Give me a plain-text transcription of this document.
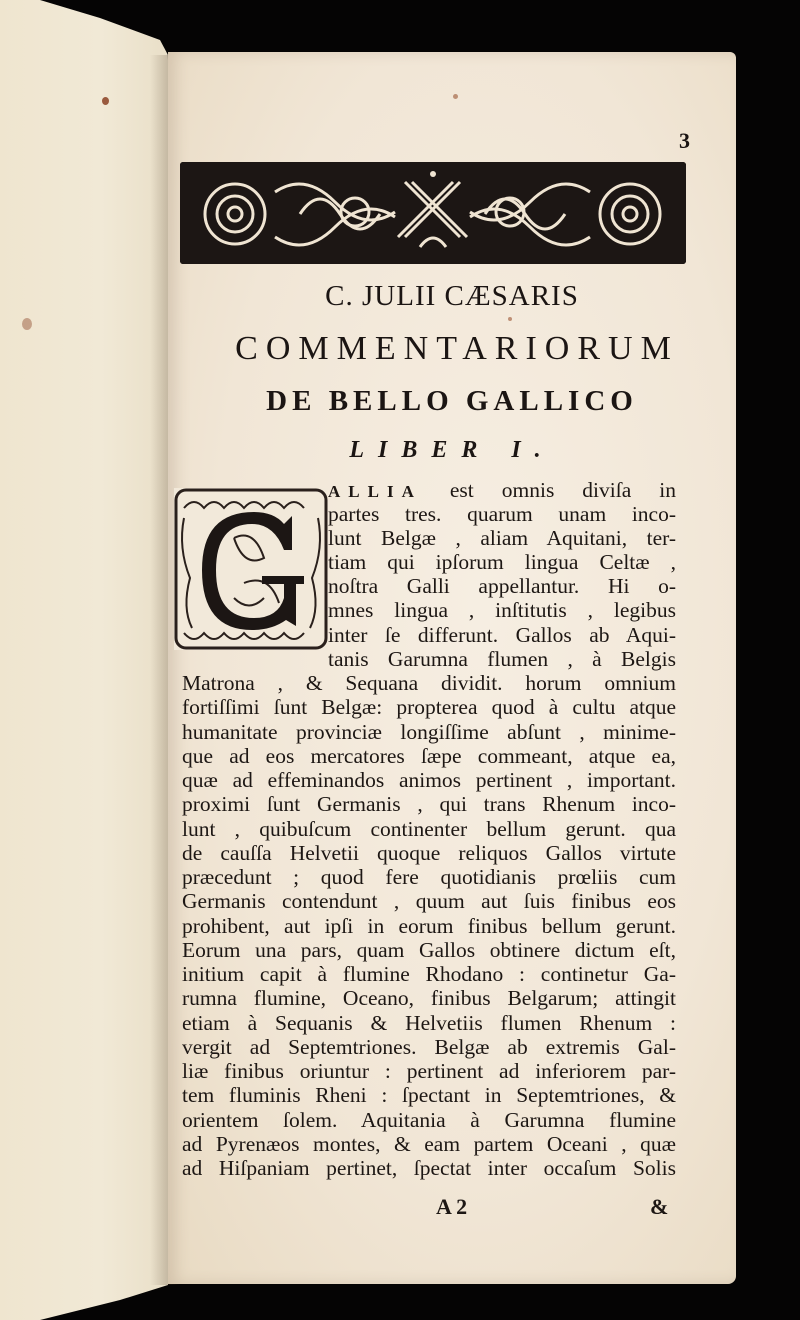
3
C. JULII CÆSARIS
COMMENTARIORUM
DE BELLO GALLICO
LIBER I.
ALLIA est omnis diviſa in
partes tres. quarum unam inco-
lunt Belgæ , aliam Aquitani, ter-
tiam qui ipſorum lingua Celtæ ,
noſtra Galli appellantur. Hi o-
mnes lingua , inſtitutis , legibus
inter ſe differunt. Gallos ab Aqui-
tanis Garumna flumen , à Belgis
Matrona , & Sequana dividit. horum omnium
fortiſſimi ſunt Belgæ: propterea quod à cultu atque
humanitate provinciæ longiſſime abſunt , minime-
que ad eos mercatores ſæpe commeant, atque ea,
quæ ad effeminandos animos pertinent , important.
proximi ſunt Germanis , qui trans Rhenum inco-
lunt , quibuſcum continenter bellum gerunt. qua
de cauſſa Helvetii quoque reliquos Gallos virtute
præcedunt ; quod fere quotidianis prœliis cum
Germanis contendunt , quum aut ſuis finibus eos
prohibent, aut ipſi in eorum finibus bellum gerunt.
Eorum una pars, quam Gallos obtinere dictum eſt,
initium capit à flumine Rhodano : continetur Ga-
rumna flumine, Oceano, finibus Belgarum; attingit
etiam à Sequanis & Helvetiis flumen Rhenum :
vergit ad Septemtriones. Belgæ ab extremis Gal-
liæ finibus oriuntur : pertinent ad inferiorem par-
tem fluminis Rheni : ſpectant in Septemtriones, &
orientem ſolem. Aquitania à Garumna flumine
ad Pyrenæos montes, & eam partem Oceani , quæ
ad Hiſpaniam pertinet, ſpectat inter occaſum Solis
A 2	&
